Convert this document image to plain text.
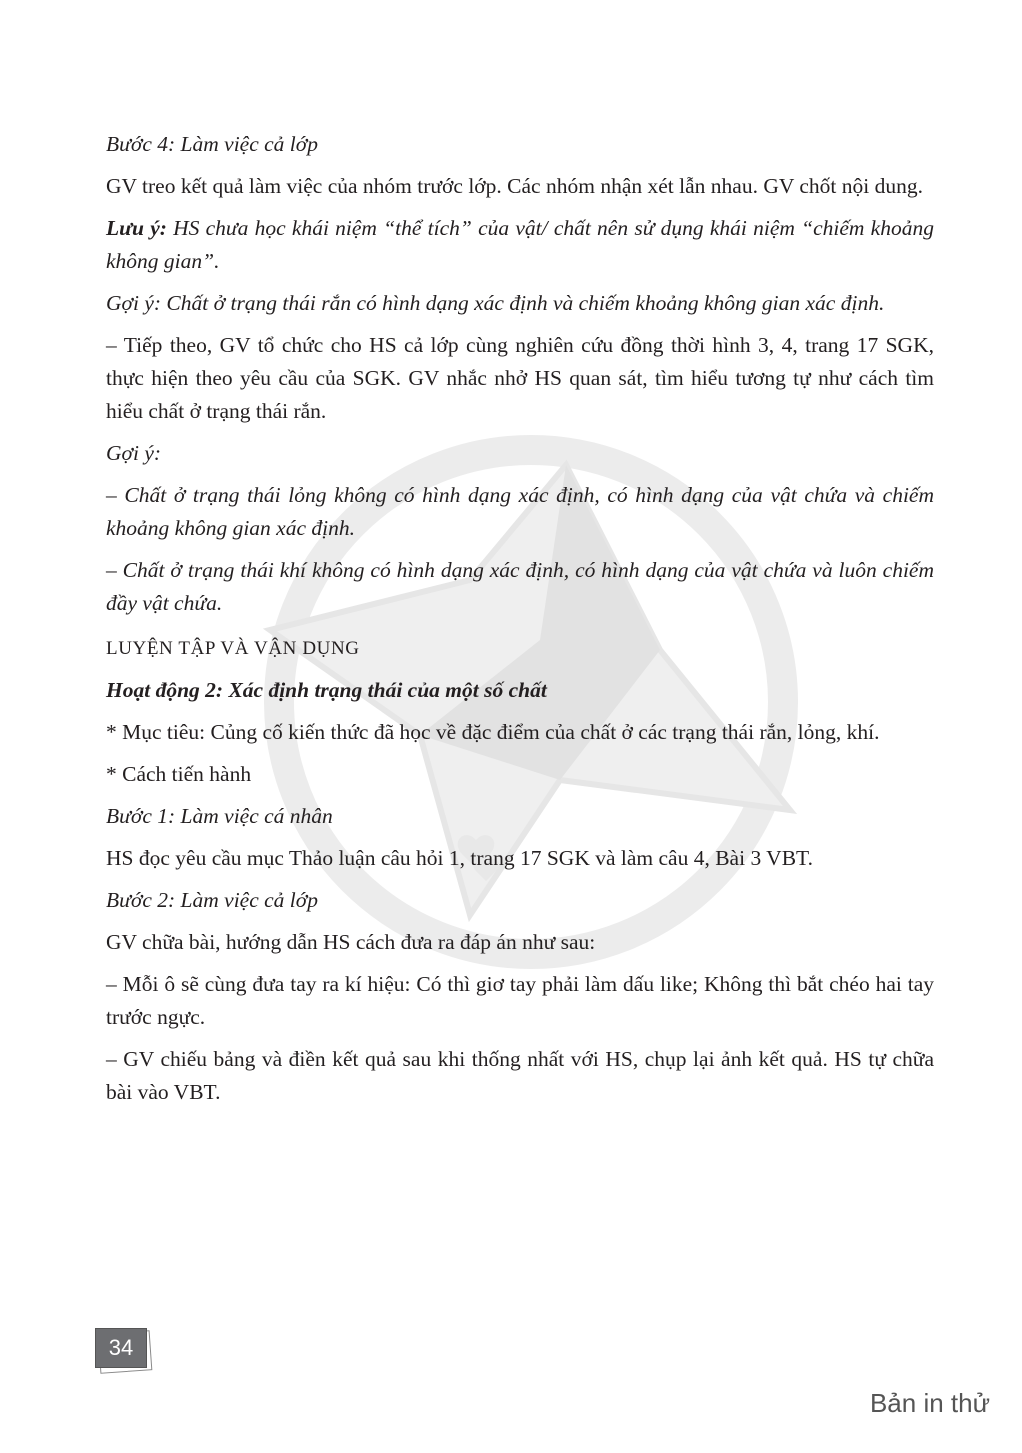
Bước 4: Làm việc cả lớp

GV treo kết quả làm việc của nhóm trước lớp. Các nhóm nhận xét lẫn nhau. GV chốt nội dung.

Lưu ý: HS chưa học khái niệm “thể tích” của vật/ chất nên sử dụng khái niệm “chiếm khoảng không gian”.

Gợi ý: Chất ở trạng thái rắn có hình dạng xác định và chiếm khoảng không gian xác định.

– Tiếp theo, GV tổ chức cho HS cả lớp cùng nghiên cứu đồng thời hình 3, 4, trang 17 SGK, thực hiện theo yêu cầu của SGK. GV nhắc nhở HS quan sát, tìm hiểu tương tự như cách tìm hiểu chất ở trạng thái rắn.

Gợi ý:

– Chất ở trạng thái lỏng không có hình dạng xác định, có hình dạng của vật chứa và chiếm khoảng không gian xác định.

– Chất ở trạng thái khí không có hình dạng xác định, có hình dạng của vật chứa và luôn chiếm đầy vật chứa.

LUYỆN TẬP VÀ VẬN DỤNG

Hoạt động 2: Xác định trạng thái của một số chất

* Mục tiêu: Củng cố kiến thức đã học về đặc điểm của chất ở các trạng thái rắn, lỏng, khí.

* Cách tiến hành

Bước 1: Làm việc cá nhân

HS đọc yêu cầu mục Thảo luận câu hỏi 1, trang 17 SGK và làm câu 4, Bài 3 VBT.

Bước 2: Làm việc cả lớp

GV chữa bài, hướng dẫn HS cách đưa ra đáp án như sau:

– Mỗi ô sẽ cùng đưa tay ra kí hiệu: Có thì giơ tay phải làm dấu like; Không thì bắt chéo hai tay trước ngực.

– GV chiếu bảng và điền kết quả sau khi thống nhất với HS, chụp lại ảnh kết quả. HS tự chữa bài vào VBT.

34
Bản in thử
